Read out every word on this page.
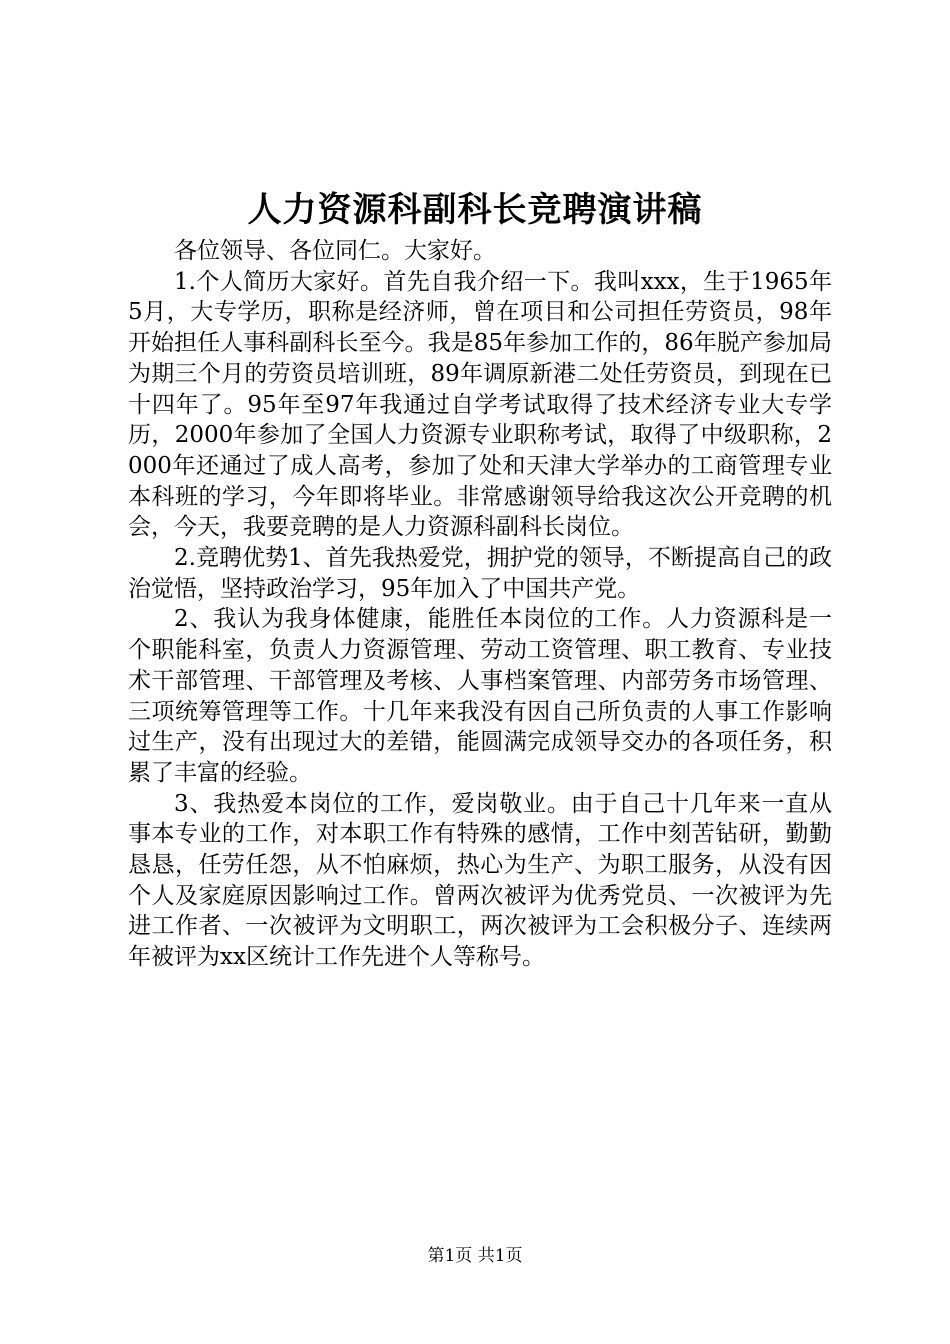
人力资源科副科长竞聘演讲稿

各位领导、各位同仁。大家好。

1.个人简历大家好。首先自我介绍一下。我叫xxx，生于1965年5月，大专学历，职称是经济师，曾在项目和公司担任劳资员，98年开始担任人事科副科长至今。我是85年参加工作的，86年脱产参加局为期三个月的劳资员培训班，89年调原新港二处任劳资员，到现在已十四年了。95年至97年我通过自学考试取得了技术经济专业大专学历，2000年参加了全国人力资源专业职称考试，取得了中级职称，2000年还通过了成人高考，参加了处和天津大学举办的工商管理专业本科班的学习，今年即将毕业。非常感谢领导给我这次公开竞聘的机会，今天，我要竞聘的是人力资源科副科长岗位。

2.竞聘优势1、首先我热爱党，拥护党的领导，不断提高自己的政治觉悟，坚持政治学习，95年加入了中国共产党。

2、我认为我身体健康，能胜任本岗位的工作。人力资源科是一个职能科室，负责人力资源管理、劳动工资管理、职工教育、专业技术干部管理、干部管理及考核、人事档案管理、内部劳务市场管理、三项统筹管理等工作。十几年来我没有因自己所负责的人事工作影响过生产，没有出现过大的差错，能圆满完成领导交办的各项任务，积累了丰富的经验。

3、我热爱本岗位的工作，爱岗敬业。由于自己十几年来一直从事本专业的工作，对本职工作有特殊的感情，工作中刻苦钻研，勤勤恳恳，任劳任怨，从不怕麻烦，热心为生产、为职工服务，从没有因个人及家庭原因影响过工作。曾两次被评为优秀党员、一次被评为先进工作者、一次被评为文明职工，两次被评为工会积极分子、连续两年被评为xx区统计工作先进个人等称号。

第1页 共1页
